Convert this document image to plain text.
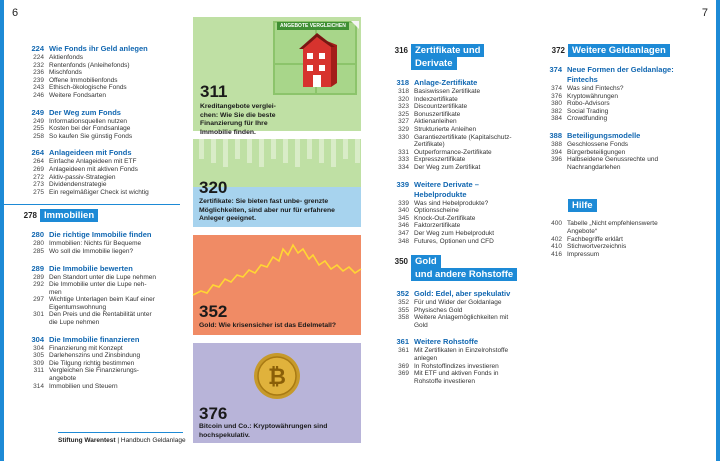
6	7
224 Wie Fonds ihr Geld anlegen
224 Aktienfonds
232 Rentenfonds (Anleihefonds)
236 Mischfonds
239 Offene Immobilienfonds
243 Ethisch-ökologische Fonds
246 Weitere Fondsarten
249 Der Weg zum Fonds
249 Informationsquellen nutzen
255 Kosten bei der Fondsanlage
258 So kaufen Sie günstig Fonds
264 Anlageideen mit Fonds
264 Einfache Anlageideen mit ETF
269 Anlageideen mit aktiven Fonds
272 Aktiv-passiv-Strategien
273 Dividendenstrategie
275 Ein regelmäßiger Check ist wichtig
278 Immobilien
280 Die richtige Immobilie finden
280 Immobilien: Nichts für Bequeme
285 Wo soll die Immobilie liegen?
289 Die Immobilie bewerten
289 Den Standort unter die Lupe nehmen
292 Die Immobilie unter die Lupe neh-
men
297 Wichtige Unterlagen beim Kauf einer
Eigentumswohnung
301 Den Preis und die Rentabilität unter
die Lupe nehmen
304 Die Immobilie finanzieren
304 Finanzierung mit Konzept
305 Darlehenszins und Zinsbindung
309 Die Tilgung richtig bestimmen
311 Vergleichen Sie Finanzierungs-
angebote
314 Immobilien und Steuern
ANGEBOTE VERGLEICHEN
311
Kreditangebote verglei- chen: Wie Sie die beste Finanzierung für Ihre Immobilie finden.
320
Zertifikate: Sie bieten fast unbe- grenzte Möglichkeiten, sind aber nur für erfahrene Anleger geeignet.
352
Gold: Wie krisensicher ist das Edelmetall?
₿
376
Bitcoin und Co.: Kryptowährungen sind hochspekulativ.
316 Zertifikate und
Derivate
318 Anlage-Zertifikate
318 Basiswissen Zertifikate
320 Indexzertifikate
323 Discountzertifikate
325 Bonuszertifikate
327 Aktienanleihen
329 Strukturierte Anleihen
330 Garantiezertifikate (Kapitalschutz-
Zertifikate)
331 Outperformance-Zertifikate
333 Expresszertifikate
334 Der Weg zum Zertifikat
339 Weitere Derivate –
Hebelprodukte
339 Was sind Hebelprodukte?
340 Optionsscheine
345 Knock-Out-Zertifikate
346 Faktorzertifikate
347 Der Weg zum Hebelprodukt
348 Futures, Optionen und CFD
350 Gold
und andere Rohstoffe
352 Gold: Edel, aber spekulativ
352 Für und Wider der Goldanlage
355 Physisches Gold
358 Weitere Anlagemöglichkeiten mit
Gold
361 Weitere Rohstoffe
361 Mit Zertifikaten in Einzelrohstoffe
anlegen
369 In Rohstoffindizes investieren
369 Mit ETF und aktiven Fonds in
Rohstoffe investieren
372 Weitere Geldanlagen
374 Neue Formen der Geldanlage:
Fintechs
374 Was sind Fintechs?
376 Kryptowährungen
380 Robo-Advisors
382 Social Trading
384 Crowdfunding
388 Beteiligungsmodelle
388 Geschlossene Fonds
394 Bürgerbeteiligungen
396 Halbseidene Genussrechte und
Nachrangdarlehen
Hilfe
400 Tabelle „Nicht empfehlenswerte
Angebote“
402 Fachbegriffe erklärt
410 Stichwortverzeichnis
416 Impressum
Stiftung Warentest | Handbuch Geldanlage
